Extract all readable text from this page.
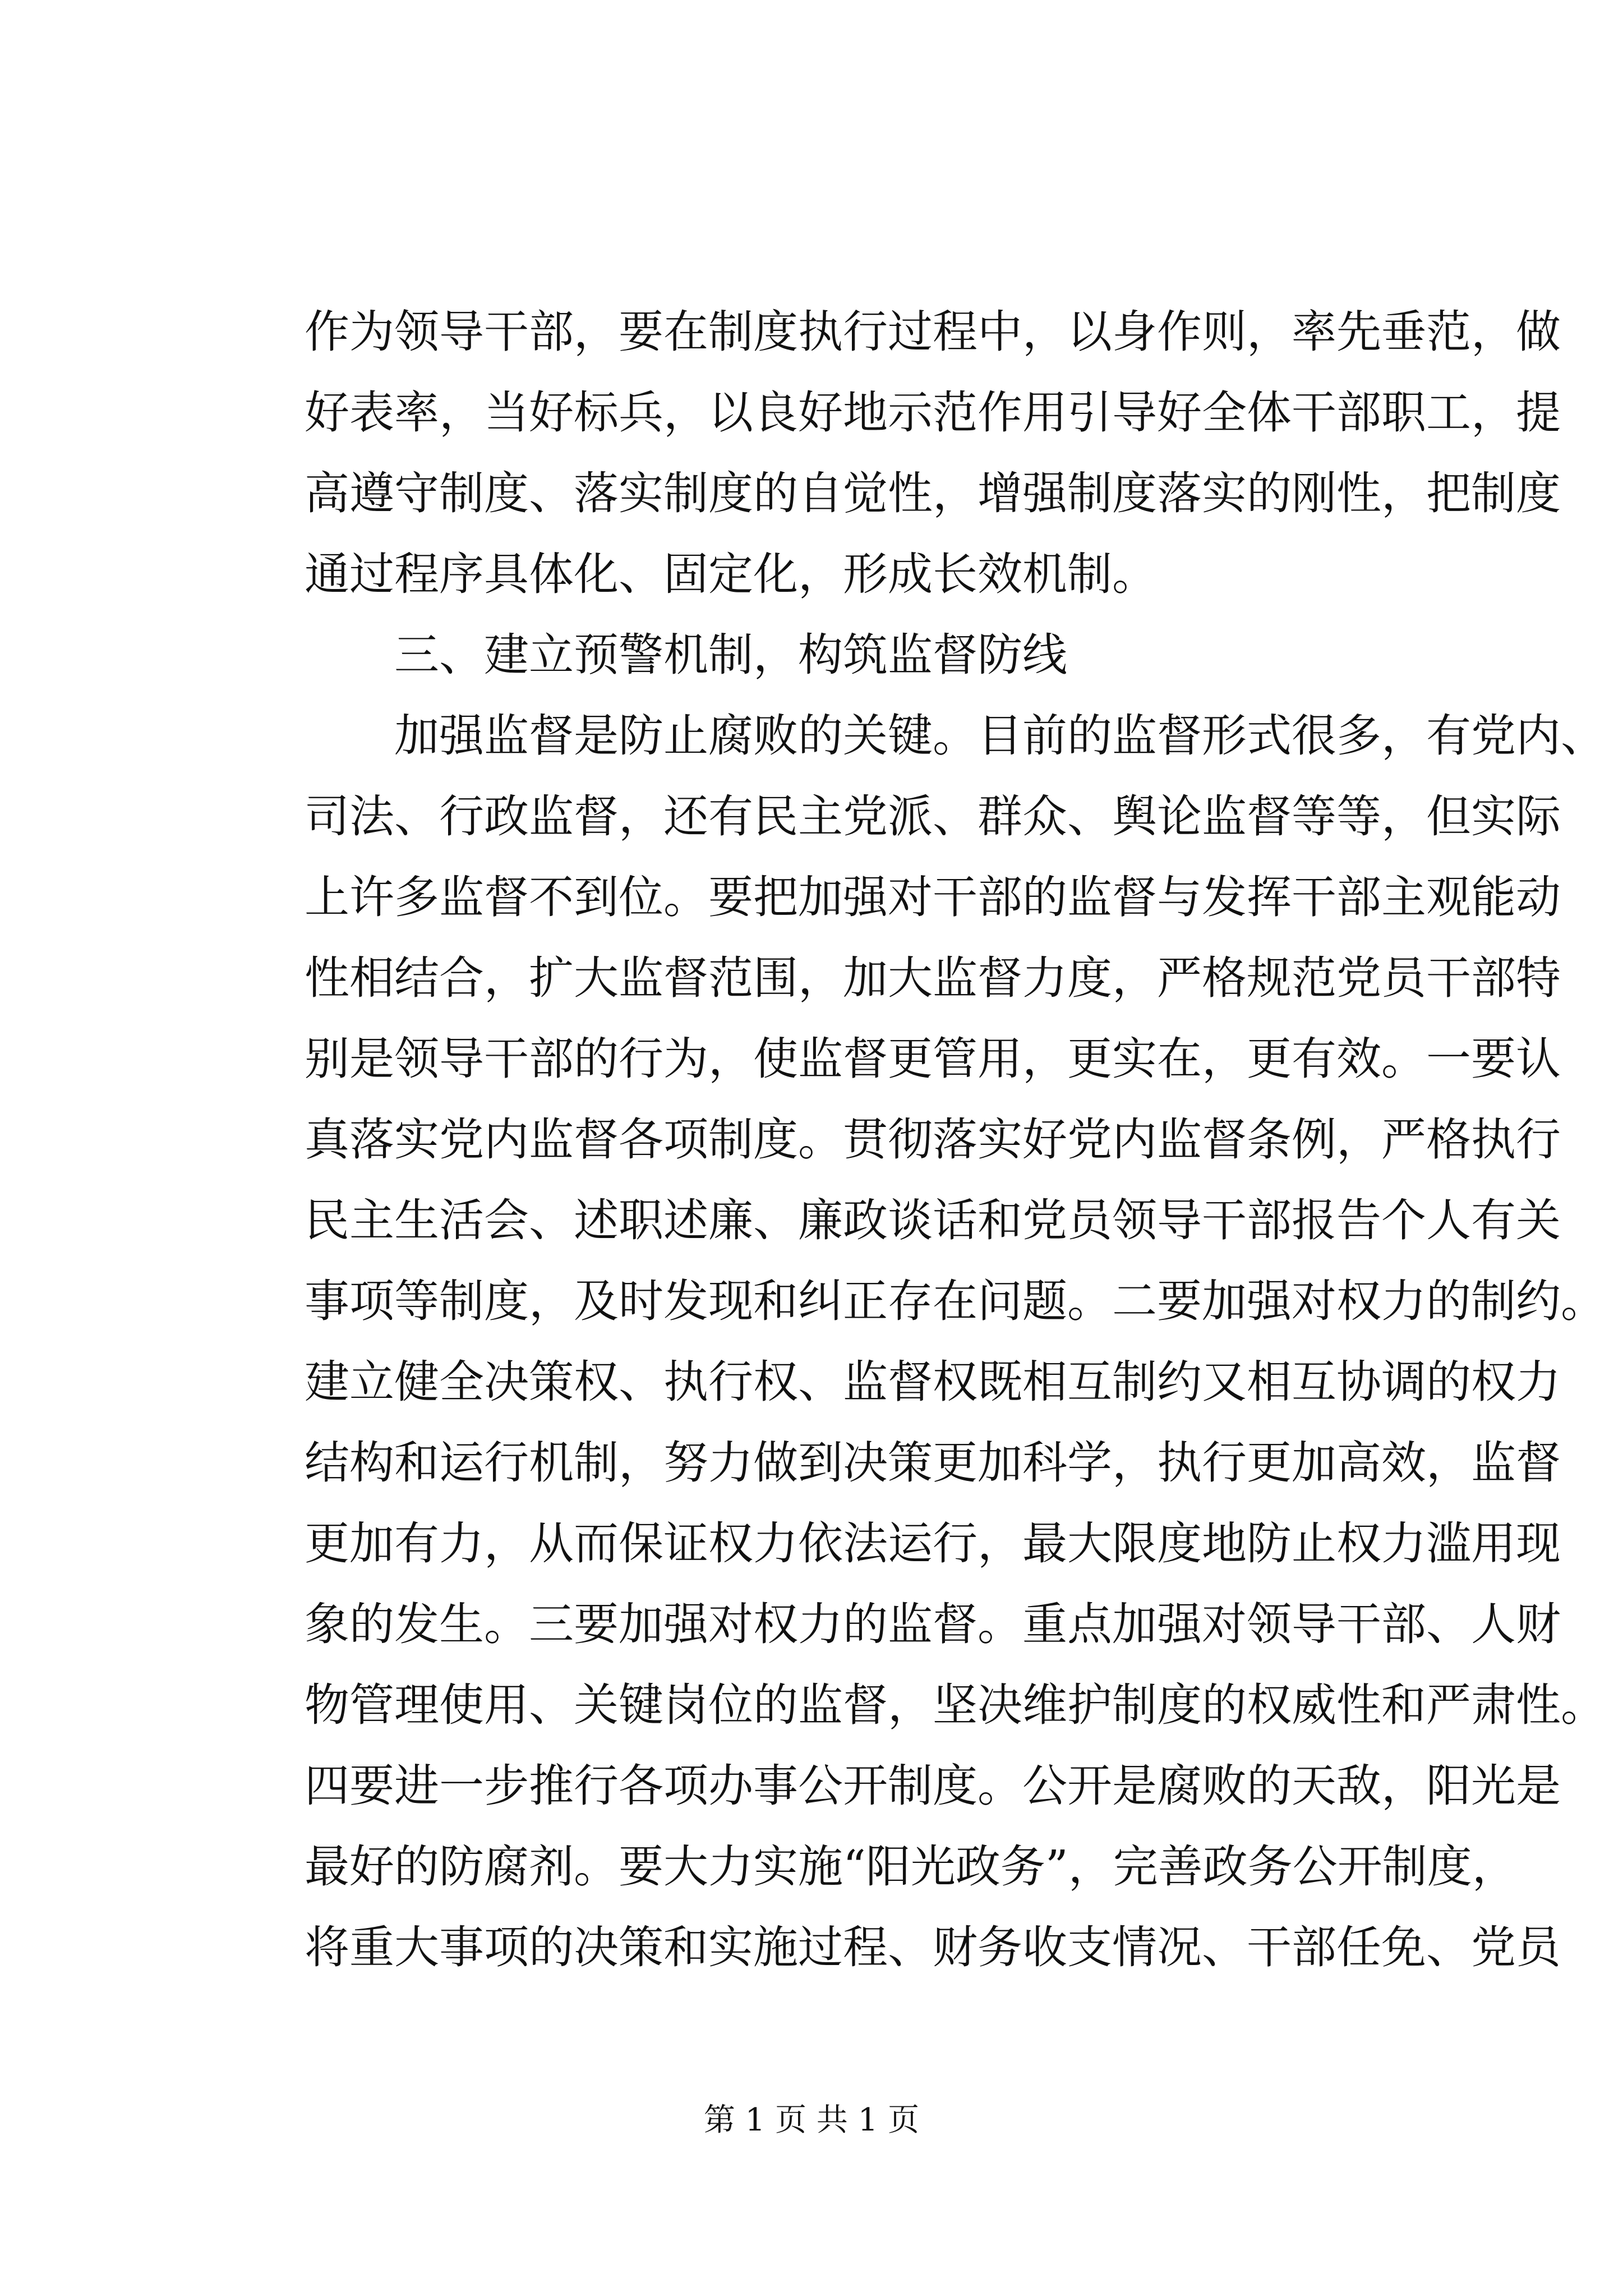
作为领导干部，要在制度执行过程中，以身作则，率先垂范，做
好表率，当好标兵，以良好地示范作用引导好全体干部职工，提
高遵守制度、落实制度的自觉性，增强制度落实的刚性，把制度
通过程序具体化、固定化，形成长效机制。
三、建立预警机制，构筑监督防线
加强监督是防止腐败的关键。目前的监督形式很多，有党内、
司法、行政监督，还有民主党派、群众、舆论监督等等，但实际
上许多监督不到位。要把加强对干部的监督与发挥干部主观能动
性相结合，扩大监督范围，加大监督力度，严格规范党员干部特
别是领导干部的行为，使监督更管用，更实在，更有效。一要认
真落实党内监督各项制度。贯彻落实好党内监督条例，严格执行
民主生活会、述职述廉、廉政谈话和党员领导干部报告个人有关
事项等制度，及时发现和纠正存在问题。二要加强对权力的制约。
建立健全决策权、执行权、监督权既相互制约又相互协调的权力
结构和运行机制，努力做到决策更加科学，执行更加高效，监督
更加有力，从而保证权力依法运行，最大限度地防止权力滥用现
象的发生。三要加强对权力的监督。重点加强对领导干部、人财
物管理使用、关键岗位的监督，坚决维护制度的权威性和严肃性。
四要进一步推行各项办事公开制度。公开是腐败的天敌，阳光是
最好的防腐剂。要大力实施“阳光政务”，完善政务公开制度，
将重大事项的决策和实施过程、财务收支情况、干部任免、党员
第 1 页 共 1 页
